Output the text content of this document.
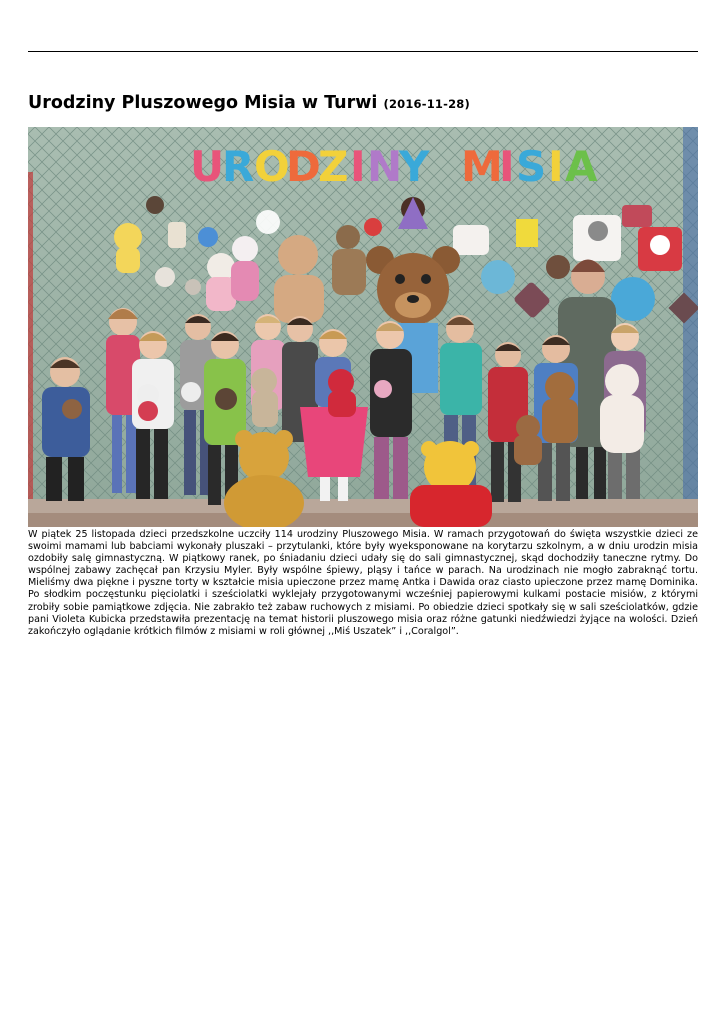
Urodziny Pluszowego Misia w Turwi (2016-11-28)
U
R O
D
Z I N
Y M
I S I A

W piątek 25 listopada dzieci przedszkolne uczciły 114 urodziny Pluszowego Misia. W ramach przygotowań do święta wszystkie dzieci ze swoimi mamami lub babciami wykonały pluszaki – przytulanki, które były wyeksponowane na korytarzu szkolnym, a w dniu urodzin misia ozdobiły salę gimnastyczną. W piątkowy ranek, po śniadaniu dzieci udały się do sali gimnastycznej, skąd dochodziły taneczne rytmy. Do wspólnej zabawy zachęcał pan Krzysiu Myler. Były wspólne śpiewy, pląsy i tańce w parach. Na urodzinach nie mogło zabraknąć tortu. Mieliśmy dwa piękne i pyszne torty w kształcie misia upieczone przez mamę Antka i Dawida oraz ciasto upieczone przez mamę Dominika. Po słodkim poczęstunku pięciolatki i sześciolatki wyklejały przygotowanymi wcześniej papierowymi kulkami postacie misiów, z którymi zrobiły sobie pamiątkowe zdjęcia. Nie zabrakło też zabaw ruchowych z misiami. Po obiedzie dzieci spotkały się w sali sześciolatków, gdzie pani Violeta Kubicka przedstawiła prezentację na temat historii pluszowego misia oraz różne gatunki niedźwiedzi żyjące na wolości. Dzień zakończyło oglądanie krótkich filmów z misiami w roli głównej ,,Miś Uszatek” i ,,Coralgol”.
